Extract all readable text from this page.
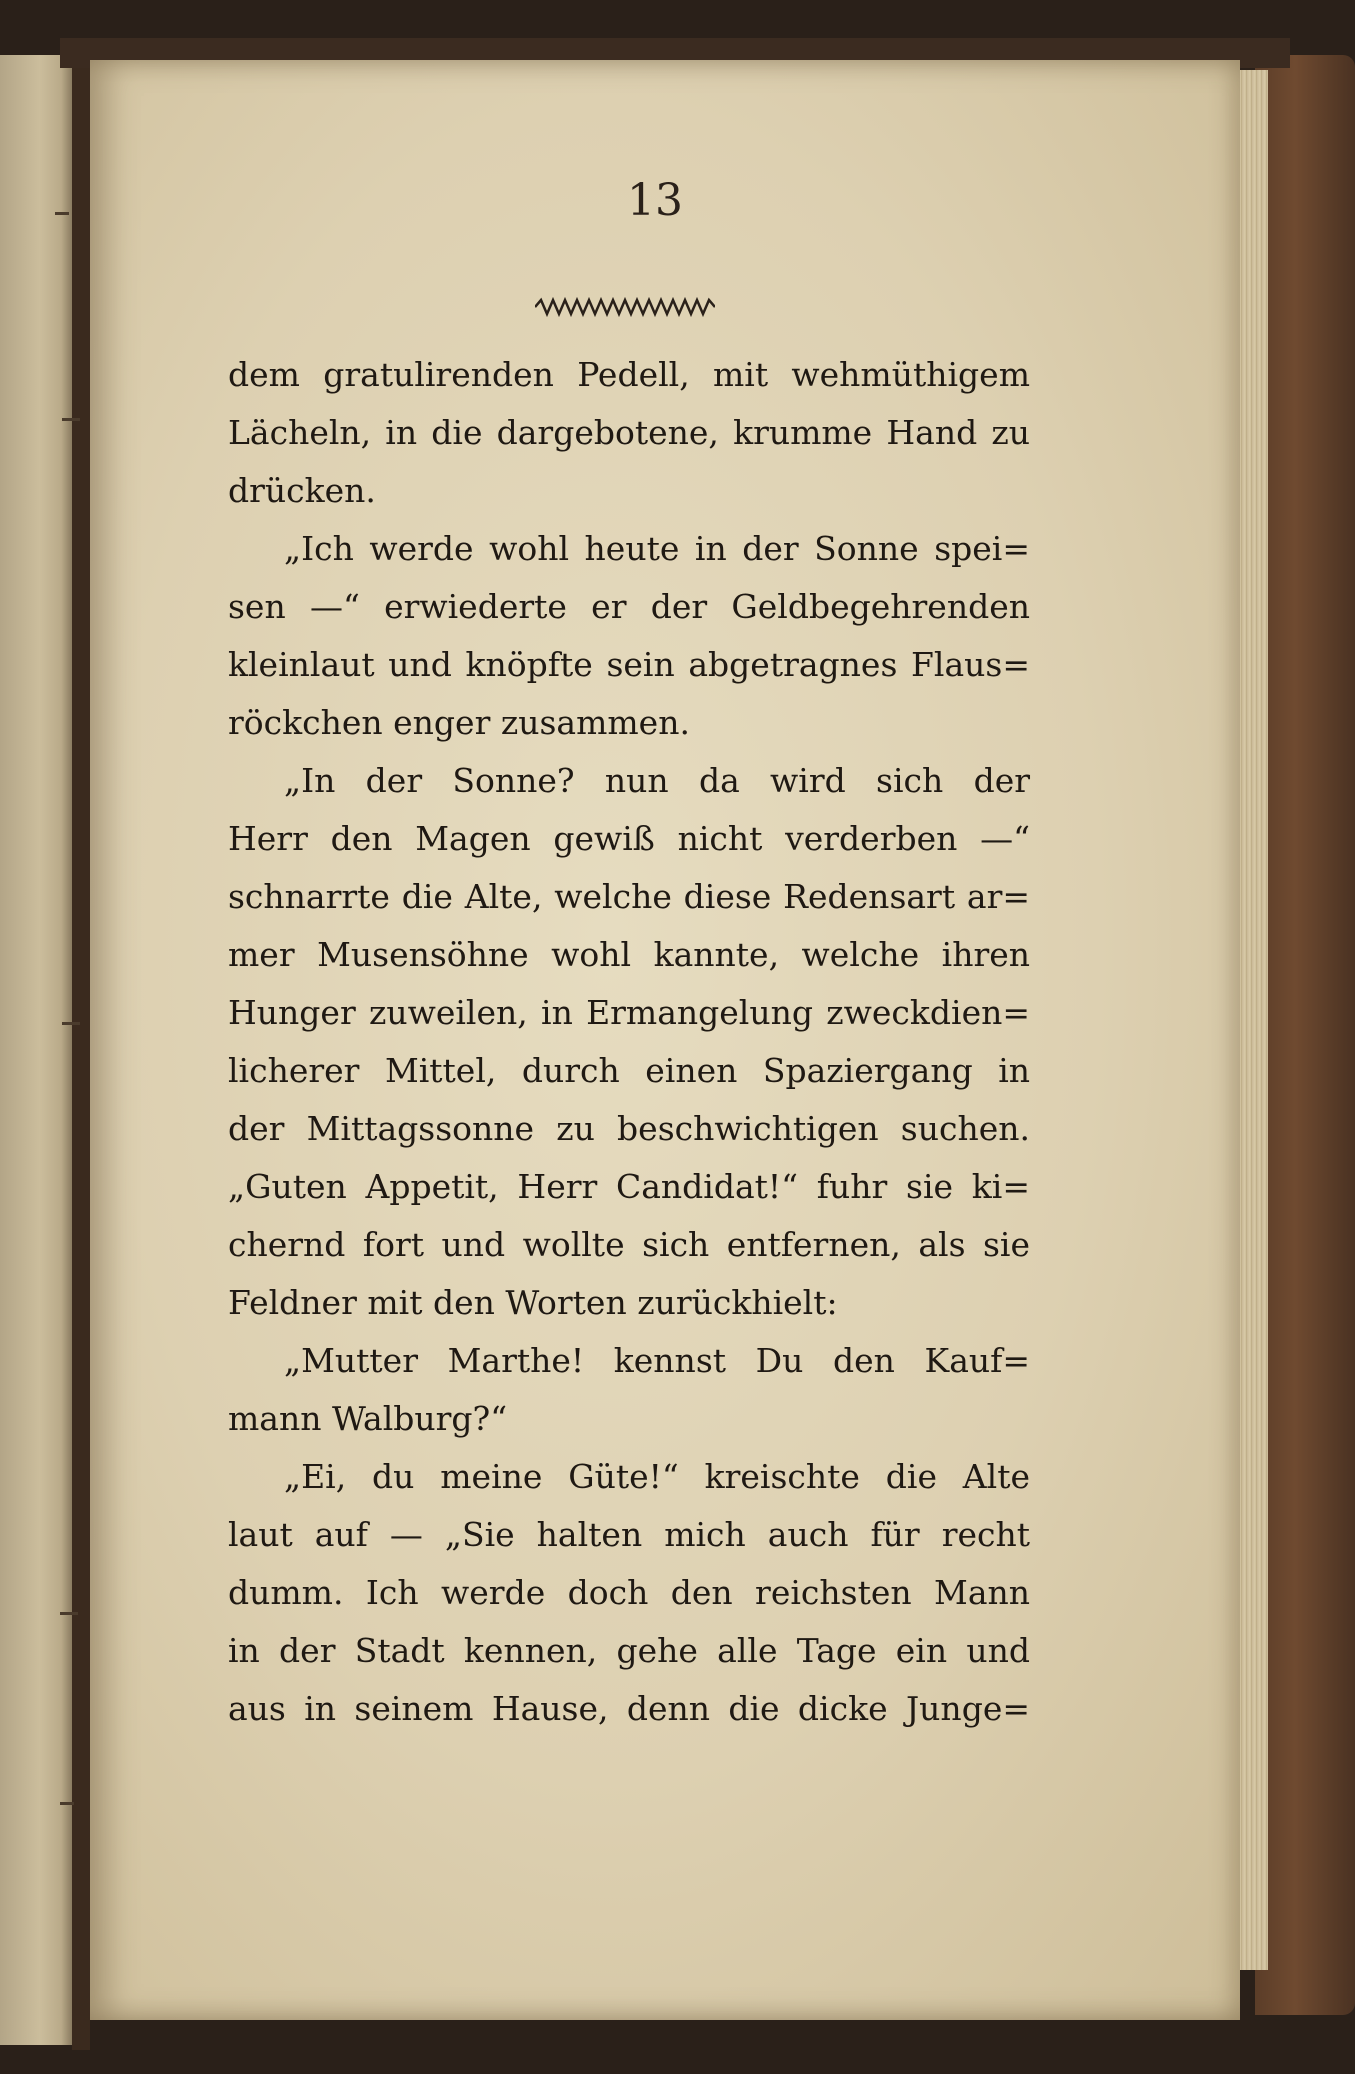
13
dem gratulirenden Pedell, mit wehmüthigem
Lächeln, in die dargebotene, krumme Hand zu
drücken.
„Ich werde wohl heute in der Sonne spei=
sen —“ erwiederte er der Geldbegehrenden
kleinlaut und knöpfte sein abgetragnes Flaus=
röckchen enger zusammen.
„In der Sonne? nun da wird sich der
Herr den Magen gewiß nicht verderben —“
schnarrte die Alte, welche diese Redensart ar=
mer Musensöhne wohl kannte, welche ihren
Hunger zuweilen, in Ermangelung zweckdien=
licherer Mittel, durch einen Spaziergang in
der Mittagssonne zu beschwichtigen suchen.
„Guten Appetit, Herr Candidat!“ fuhr sie ki=
chernd fort und wollte sich entfernen, als sie
Feldner mit den Worten zurückhielt:
„Mutter Marthe! kennst Du den Kauf=
mann Walburg?“
„Ei, du meine Güte!“ kreischte die Alte
laut auf — „Sie halten mich auch für recht
dumm. Ich werde doch den reichsten Mann
in der Stadt kennen, gehe alle Tage ein und
aus in seinem Hause, denn die dicke Junge=
